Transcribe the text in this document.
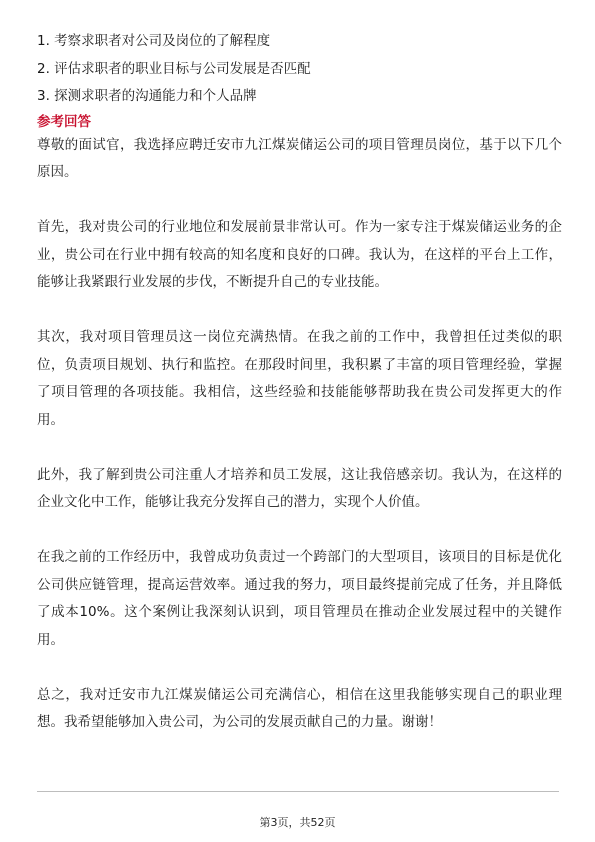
1. 考察求职者对公司及岗位的了解程度
2. 评估求职者的职业目标与公司发展是否匹配
3. 探测求职者的沟通能力和个人品牌
参考回答

尊敬的面试官，我选择应聘迁安市九江煤炭储运公司的项目管理员岗位，基于以下几个原因。

首先，我对贵公司的行业地位和发展前景非常认可。作为一家专注于煤炭储运业务的企业，贵公司在行业中拥有较高的知名度和良好的口碑。我认为，在这样的平台上工作，能够让我紧跟行业发展的步伐，不断提升自己的专业技能。

其次，我对项目管理员这一岗位充满热情。在我之前的工作中，我曾担任过类似的职位，负责项目规划、执行和监控。在那段时间里，我积累了丰富的项目管理经验，掌握了项目管理的各项技能。我相信，这些经验和技能能够帮助我在贵公司发挥更大的作用。

此外，我了解到贵公司注重人才培养和员工发展，这让我倍感亲切。我认为，在这样的企业文化中工作，能够让我充分发挥自己的潜力，实现个人价值。

在我之前的工作经历中，我曾成功负责过一个跨部门的大型项目，该项目的目标是优化公司供应链管理，提高运营效率。通过我的努力，项目最终提前完成了任务，并且降低了成本10%。这个案例让我深刻认识到，项目管理员在推动企业发展过程中的关键作用。

总之，我对迁安市九江煤炭储运公司充满信心，相信在这里我能够实现自己的职业理想。我希望能够加入贵公司，为公司的发展贡献自己的力量。谢谢！

第3页，共52页
